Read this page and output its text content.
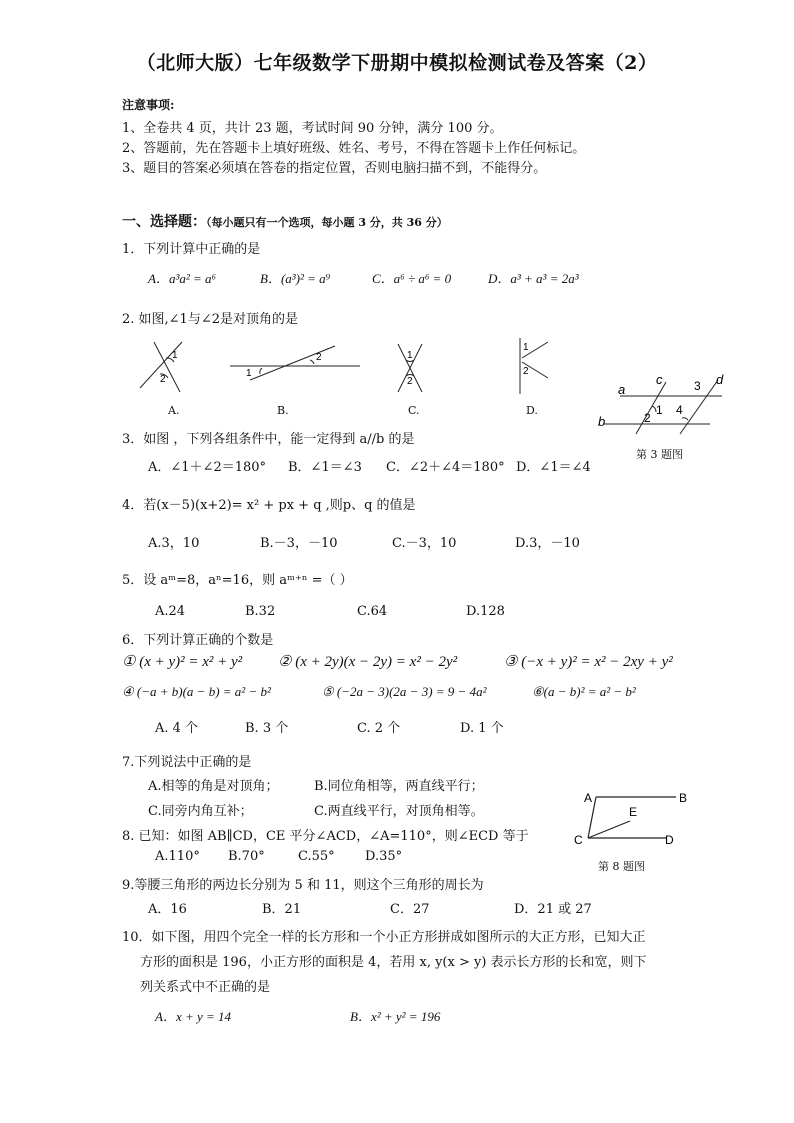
（北师大版）七年级数学下册期中模拟检测试卷及答案（2）
注意事项:
1、全卷共 4 页，共计 23 题，考试时间 90 分钟，满分 100 分。
2、答题前，先在答题卡上填好班级、姓名、考号，不得在答题卡上作任何标记。
3、题目的答案必须填在答卷的指定位置，否则电脑扫描不到，不能得分。
一、选择题：（每小题只有一个选项，每小题 3 分，共 36 分）
1．下列计算中正确的是
A．a³a² = a⁶	B．(a³)² = a⁹	C．a⁶ ÷ a⁶ = 0	D．a³ + a³ = 2a³
2. 如图,∠1与∠2是对顶角的是
1
2
1
2	1
2
1
2
A.	B.	C.	D.
a
b
c	d
1
2
3
4
第 3 题图
3．如图 ，下列各组条件中，能一定得到 a//b 的是
A．∠1＋∠2＝180° B．∠1＝∠3 C．∠2＋∠4＝180° D．∠1＝∠4
4．若(x－5)(x+2)= x² + px + q ,则p、q 的值是
A.3，10	B.－3，－10	C.－3，10	D.3，－10
5．设 aᵐ=8，aⁿ=16，则 aᵐ⁺ⁿ =（ ）
A.24	B.32	C.64	D.128
6．下列计算正确的个数是
① (x + y)² = x² + y² ② (x + 2y)(x − 2y) = x² − 2y²	③ (−x + y)² = x² − 2xy + y²
④ (−a + b)(a − b) = a² − b²	⑤ (−2a − 3)(2a − 3) = 9 − 4a²	⑥(a − b)² = a² − b²
A. 4 个	B. 3 个	C. 2 个	D. 1 个
7.下列说法中正确的是
A.相等的角是对顶角；	B.同位角相等，两直线平行；
C.同旁内角互补；	C.两直线平行，对顶角相等。
A	B
C	D
E
第 8 题图
8. 已知：如图 AB∥CD，CE 平分∠ACD，∠A=110°，则∠ECD 等于
A.110° B.70°	C.55° D.35°
9.等腰三角形的两边长分别为 5 和 11，则这个三角形的周长为
A．16	B．21	C．27	D．21 或 27
10．如下图，用四个完全一样的长方形和一个小正方形拼成如图所示的大正方形，已知大正
方形的面积是 196，小正方形的面积是 4，若用 x, y(x > y) 表示长方形的长和宽，则下
列关系式中不正确的是
A．x + y = 14	B．x² + y² = 196
